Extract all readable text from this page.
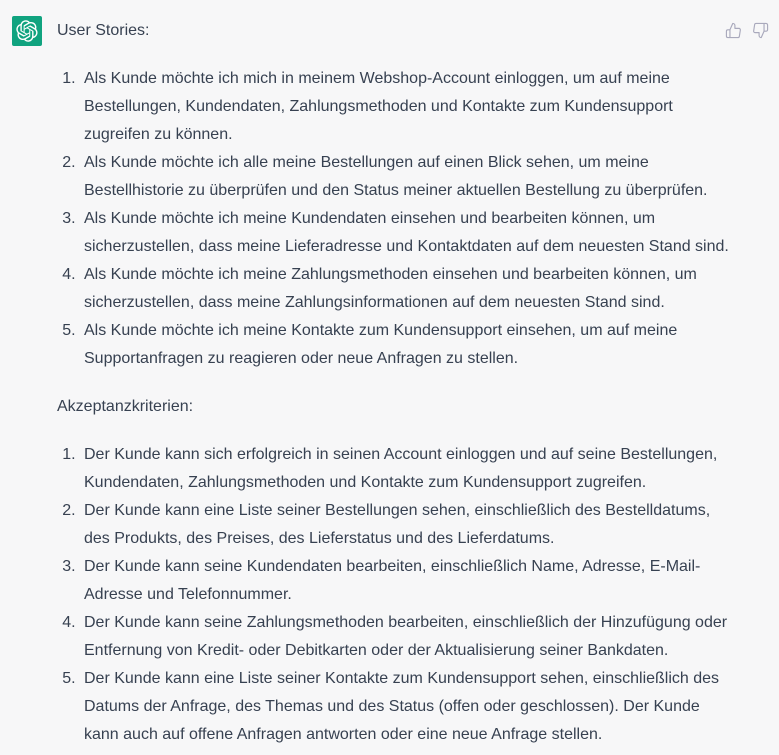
User Stories:

1. Als Kunde möchte ich mich in meinem Webshop-Account einloggen, um auf meine Bestellungen, Kundendaten, Zahlungsmethoden und Kontakte zum Kundensupport zugreifen zu können.
2. Als Kunde möchte ich alle meine Bestellungen auf einen Blick sehen, um meine Bestellhistorie zu überprüfen und den Status meiner aktuellen Bestellung zu überprüfen.
3. Als Kunde möchte ich meine Kundendaten einsehen und bearbeiten können, um sicherzustellen, dass meine Lieferadresse und Kontaktdaten auf dem neuesten Stand sind.
4. Als Kunde möchte ich meine Zahlungsmethoden einsehen und bearbeiten können, um sicherzustellen, dass meine Zahlungsinformationen auf dem neuesten Stand sind.
5. Als Kunde möchte ich meine Kontakte zum Kundensupport einsehen, um auf meine Supportanfragen zu reagieren oder neue Anfragen zu stellen.

Akzeptanzkriterien:

1. Der Kunde kann sich erfolgreich in seinen Account einloggen und auf seine Bestellungen, Kundendaten, Zahlungsmethoden und Kontakte zum Kundensupport zugreifen.
2. Der Kunde kann eine Liste seiner Bestellungen sehen, einschließlich des Bestelldatums, des Produkts, des Preises, des Lieferstatus und des Lieferdatums.
3. Der Kunde kann seine Kundendaten bearbeiten, einschließlich Name, Adresse, E-Mail-Adresse und Telefonnummer.
4. Der Kunde kann seine Zahlungsmethoden bearbeiten, einschließlich der Hinzufügung oder Entfernung von Kredit- oder Debitkarten oder der Aktualisierung seiner Bankdaten.
5. Der Kunde kann eine Liste seiner Kontakte zum Kundensupport sehen, einschließlich des Datums der Anfrage, des Themas und des Status (offen oder geschlossen). Der Kunde kann auch auf offene Anfragen antworten oder eine neue Anfrage stellen.
